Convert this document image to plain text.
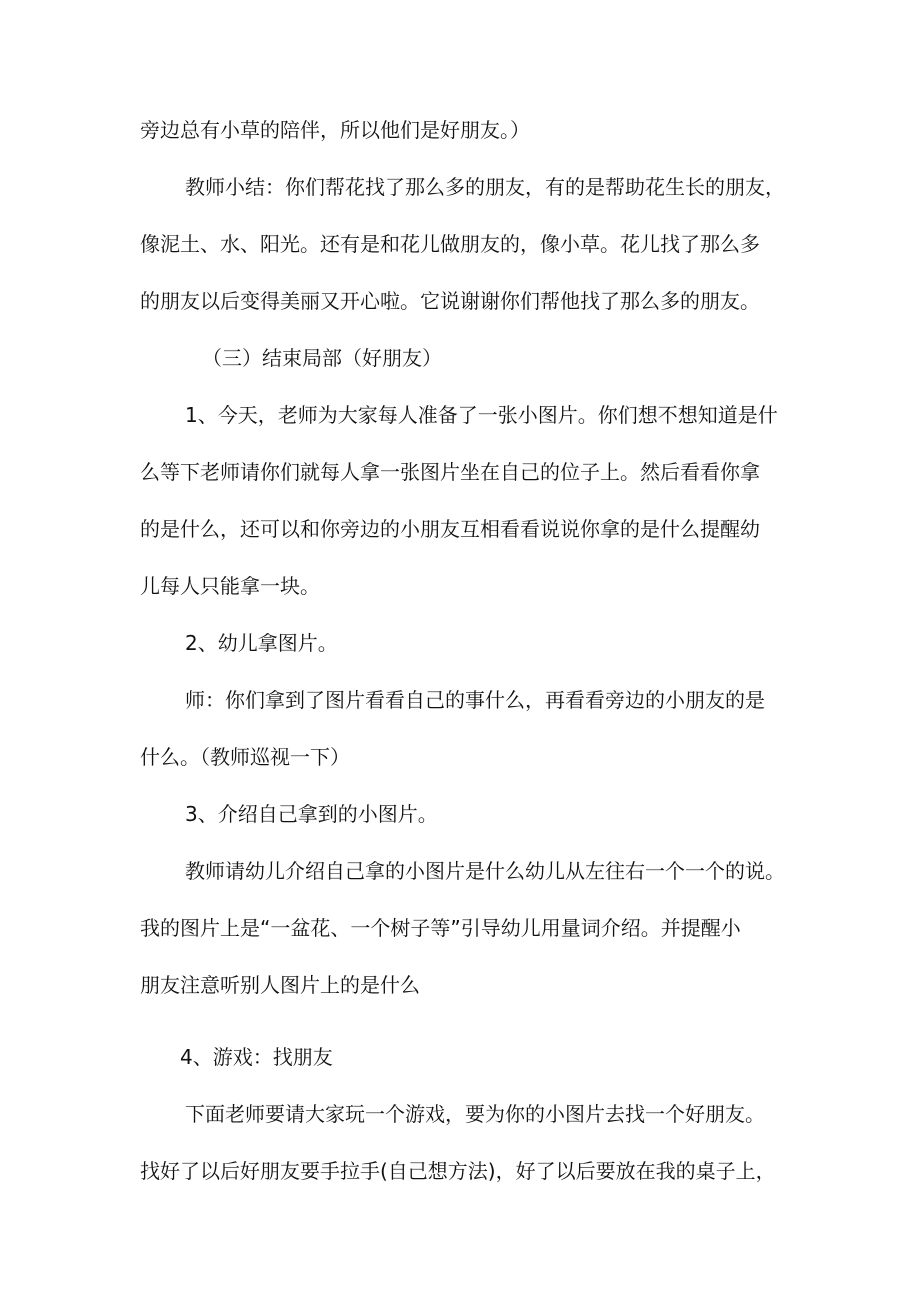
旁边总有小草的陪伴，所以他们是好朋友。）
教师小结：你们帮花找了那么多的朋友，有的是帮助花生长的朋友，
像泥土、水、阳光。还有是和花儿做朋友的，像小草。花儿找了那么多
的朋友以后变得美丽又开心啦。它说谢谢你们帮他找了那么多的朋友。
（三）结束局部（好朋友）
1、今天，老师为大家每人准备了一张小图片。你们想不想知道是什
么等下老师请你们就每人拿一张图片坐在自己的位子上。然后看看你拿
的是什么，还可以和你旁边的小朋友互相看看说说你拿的是什么提醒幼
儿每人只能拿一块。
2、幼儿拿图片。
师：你们拿到了图片看看自己的事什么，再看看旁边的小朋友的是
什么。（教师巡视一下）
3、介绍自己拿到的小图片。
教师请幼儿介绍自己拿的小图片是什么幼儿从左往右一个一个的说。
我的图片上是“一盆花、一个树子等”引导幼儿用量词介绍。并提醒小
朋友注意听别人图片上的是什么
4、游戏：找朋友
下面老师要请大家玩一个游戏，要为你的小图片去找一个好朋友。
找好了以后好朋友要手拉手(自己想方法)，好了以后要放在我的桌子上，
